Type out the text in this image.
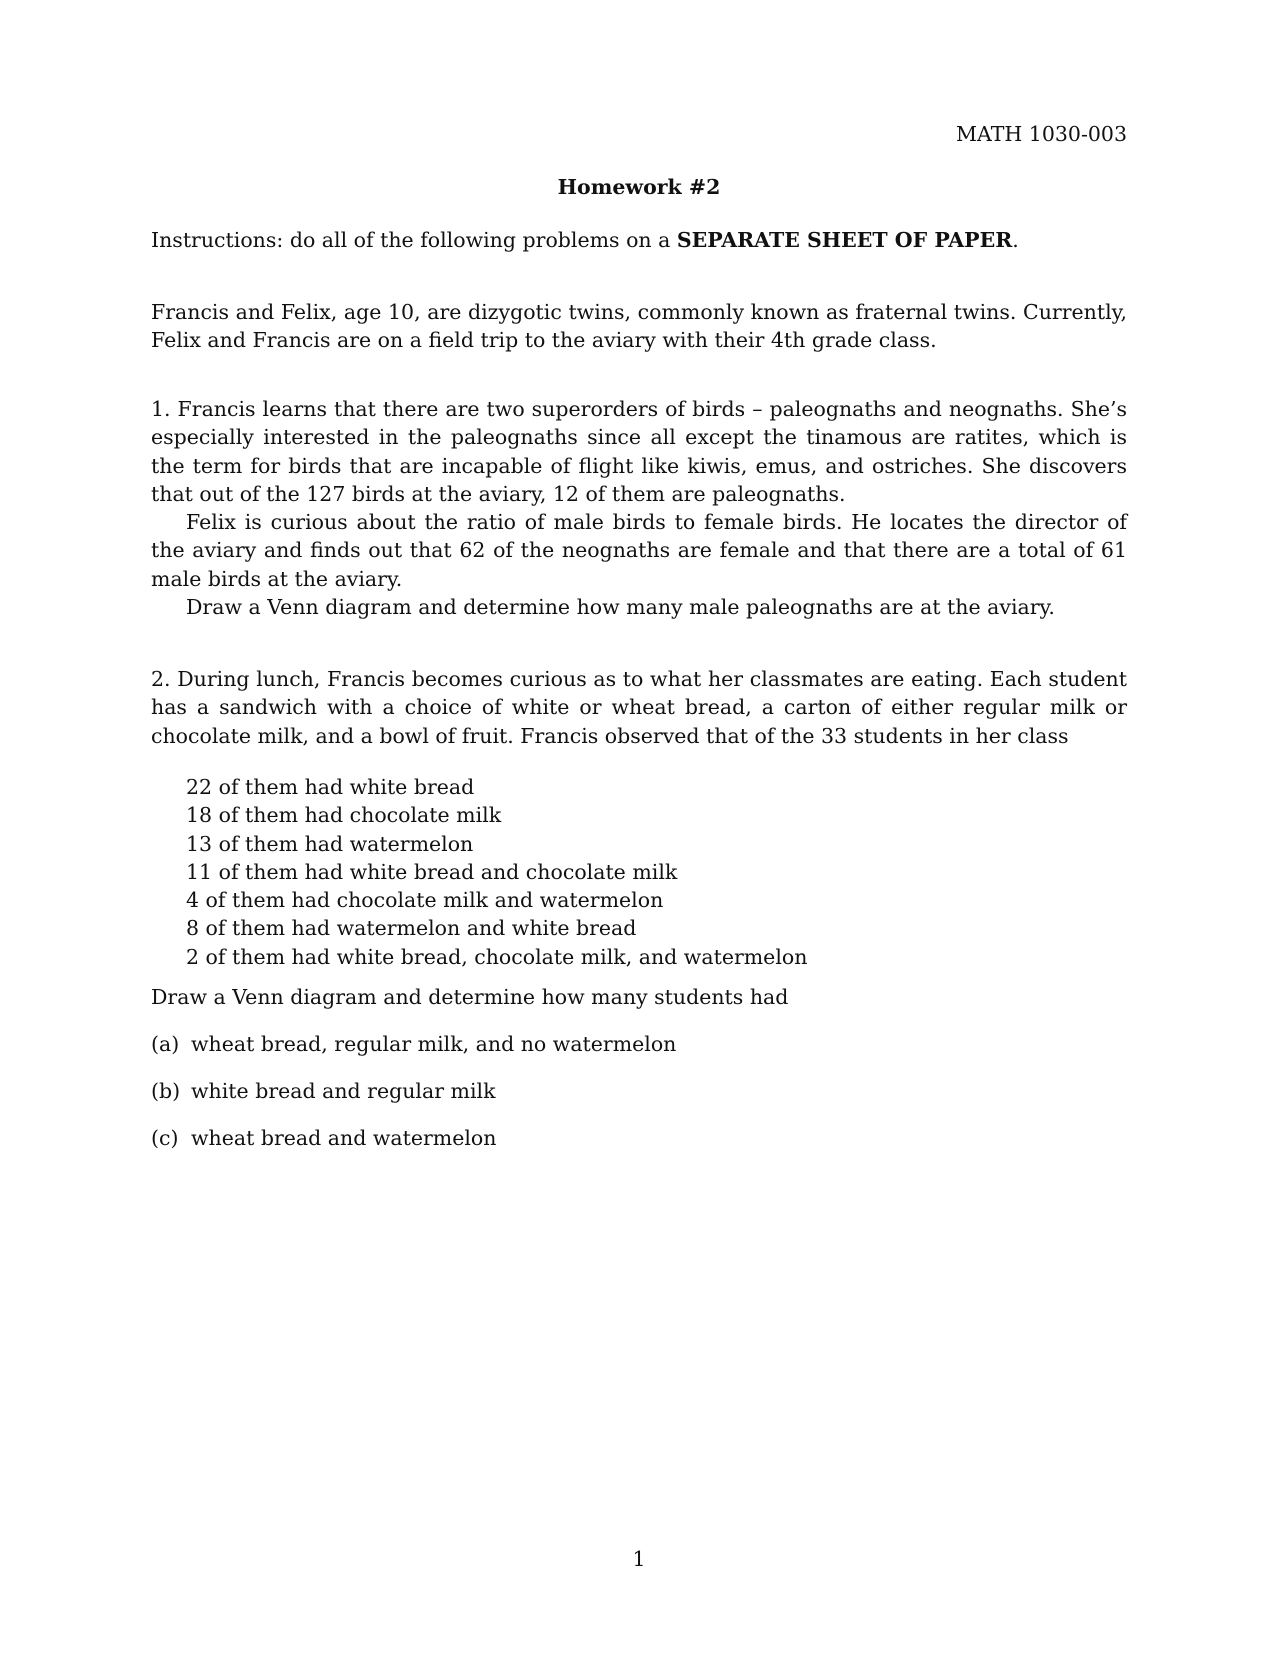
MATH 1030-003
Homework #2
Instructions: do all of the following problems on a SEPARATE SHEET OF PAPER.

Francis and Felix, age 10, are dizygotic twins, commonly known as fraternal twins. Currently, Felix and Francis are on a field trip to the aviary with their 4th grade class.

1. Francis learns that there are two superorders of birds – paleognaths and neognaths. She’s especially interested in the paleognaths since all except the tinamous are ratites, which is the term for birds that are incapable of flight like kiwis, emus, and ostriches. She discovers that out of the 127 birds at the aviary, 12 of them are paleognaths.

Felix is curious about the ratio of male birds to female birds. He locates the director of the aviary and finds out that 62 of the neognaths are female and that there are a total of 61 male birds at the aviary.

Draw a Venn diagram and determine how many male paleognaths are at the aviary.

2. During lunch, Francis becomes curious as to what her classmates are eating. Each student has a sandwich with a choice of white or wheat bread, a carton of either regular milk or chocolate milk, and a bowl of fruit. Francis observed that of the 33 students in her class

22 of them had white bread
18 of them had chocolate milk
13 of them had watermelon
11 of them had white bread and chocolate milk
4 of them had chocolate milk and watermelon
8 of them had watermelon and white bread
2 of them had white bread, chocolate milk, and watermelon
Draw a Venn diagram and determine how many students had
(a) wheat bread, regular milk, and no watermelon
(b) white bread and regular milk
(c) wheat bread and watermelon
1
